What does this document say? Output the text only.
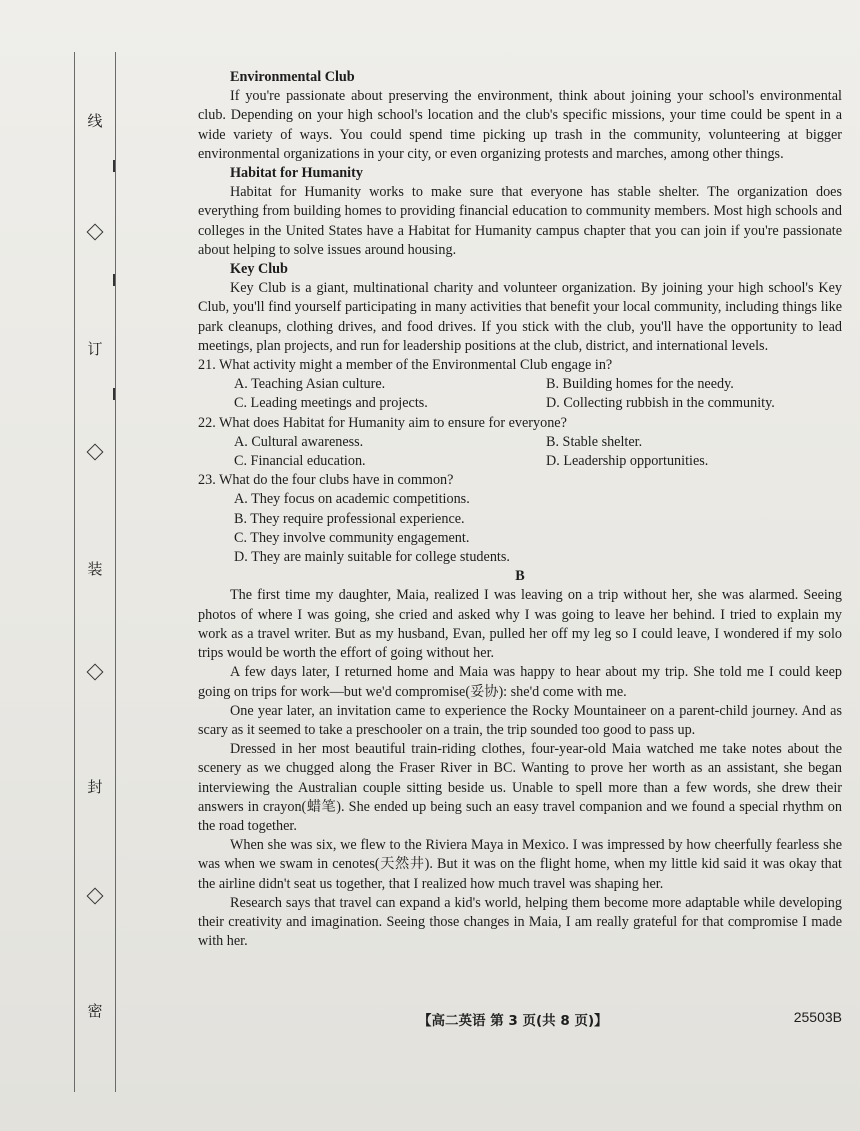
线
订
装
封
密
Environmental Club

If you're passionate about preserving the environment, think about joining your school's environmental club. Depending on your high school's location and the club's specific missions, your time could be spent in a wide variety of ways. You could spend time picking up trash in the community, volunteering at bigger environmental organizations in your city, or even organizing protests and marches, among other things.

Habitat for Humanity

Habitat for Humanity works to make sure that everyone has stable shelter. The organization does everything from building homes to providing financial education to community members. Most high schools and colleges in the United States have a Habitat for Humanity campus chapter that you can join if you're passionate about helping to solve issues around housing.

Key Club

Key Club is a giant, multinational charity and volunteer organization. By joining your high school's Key Club, you'll find yourself participating in many activities that benefit your local community, including things like park cleanups, clothing drives, and food drives. If you stick with the club, you'll have the opportunity to lead meetings, plan projects, and run for leadership positions at the club, district, and international levels.

21. What activity might a member of the Environmental Club engage in?
A. Teaching Asian culture.	B. Building homes for the needy.
C. Leading meetings and projects.	D. Collecting rubbish in the community.
22. What does Habitat for Humanity aim to ensure for everyone?
A. Cultural awareness.	B. Stable shelter.
C. Financial education.	D. Leadership opportunities.
23. What do the four clubs have in common?
A. They focus on academic competitions.
B. They require professional experience.
C. They involve community engagement.
D. They are mainly suitable for college students.
B

The first time my daughter, Maia, realized I was leaving on a trip without her, she was alarmed. Seeing photos of where I was going, she cried and asked why I was going to leave her behind. I tried to explain my work as a travel writer. But as my husband, Evan, pulled her off my leg so I could leave, I wondered if my solo trips would be worth the effort of going without her.

A few days later, I returned home and Maia was happy to hear about my trip. She told me I could keep going on trips for work—but we'd compromise(妥协): she'd come with me.

One year later, an invitation came to experience the Rocky Mountaineer on a parent-child journey. And as scary as it seemed to take a preschooler on a train, the trip sounded too good to pass up.

Dressed in her most beautiful train-riding clothes, four-year-old Maia watched me take notes about the scenery as we chugged along the Fraser River in BC. Wanting to prove her worth as an assistant, she began interviewing the Australian couple sitting beside us. Unable to spell more than a few words, she drew their answers in crayon(蜡笔). She ended up being such an easy travel companion and we found a special rhythm on the road together.

When she was six, we flew to the Riviera Maya in Mexico. I was impressed by how cheerfully fearless she was when we swam in cenotes(天然井). But it was on the flight home, when my little kid said it was okay that the airline didn't seat us together, that I realized how much travel was shaping her.

Research says that travel can expand a kid's world, helping them become more adaptable while developing their creativity and imagination. Seeing those changes in Maia, I am really grateful for that compromise I made with her.

【高二英语 第 3 页(共 8 页)】	25503B
